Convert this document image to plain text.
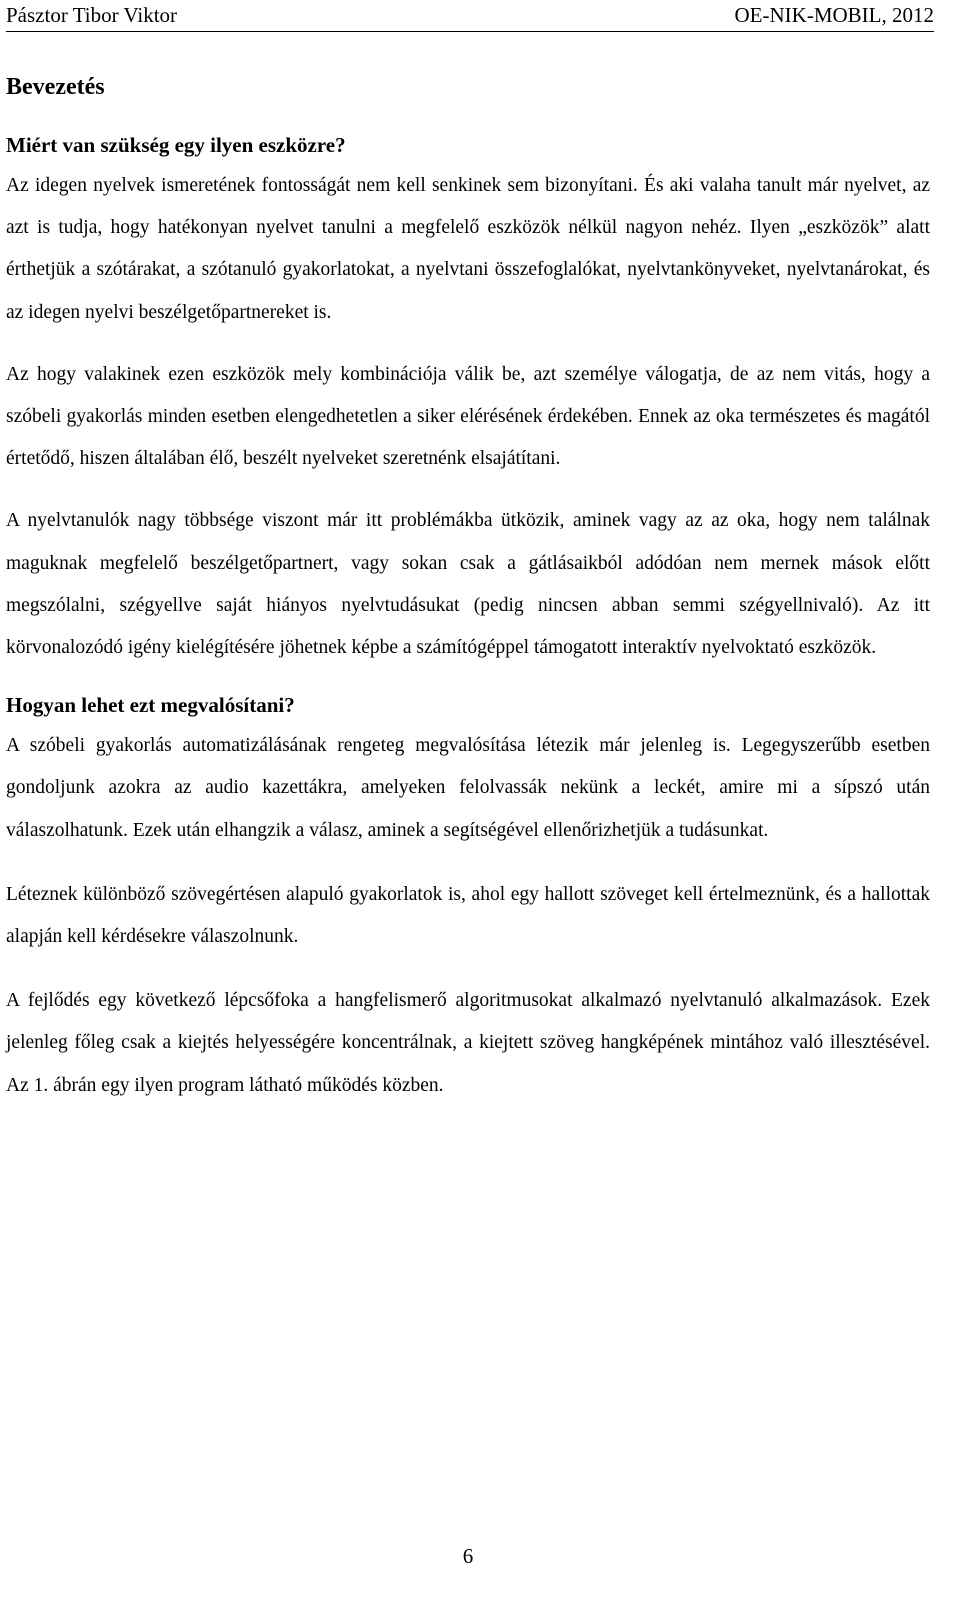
Pásztor Tibor Viktor	OE-NIK-MOBIL, 2012
Bevezetés
Miért van szükség egy ilyen eszközre?

Az idegen nyelvek ismeretének fontosságát nem kell senkinek sem bizonyítani. És aki valaha tanult már nyelvet, az azt is tudja, hogy hatékonyan nyelvet tanulni a megfelelő eszközök nélkül nagyon nehéz. Ilyen „eszközök” alatt érthetjük a szótárakat, a szótanuló gyakorlatokat, a nyelvtani összefoglalókat, nyelvtankönyveket, nyelvtanárokat, és az idegen nyelvi beszélgetőpartnereket is.

Az hogy valakinek ezen eszközök mely kombinációja válik be, azt személye válogatja, de az nem vitás, hogy a szóbeli gyakorlás minden esetben elengedhetetlen a siker elérésének érdekében. Ennek az oka természetes és magától értetődő, hiszen általában élő, beszélt nyelveket szeretnénk elsajátítani.

A nyelvtanulók nagy többsége viszont már itt problémákba ütközik, aminek vagy az az oka, hogy nem találnak maguknak megfelelő beszélgetőpartnert, vagy sokan csak a gátlásaikból adódóan nem mernek mások előtt megszólalni, szégyellve saját hiányos nyelvtudásukat (pedig nincsen abban semmi szégyellnivaló). Az itt körvonalozódó igény kielégítésére jöhetnek képbe a számítógéppel támogatott interaktív nyelvoktató eszközök.

Hogyan lehet ezt megvalósítani?

A szóbeli gyakorlás automatizálásának rengeteg megvalósítása létezik már jelenleg is. Legegyszerűbb esetben gondoljunk azokra az audio kazettákra, amelyeken felolvassák nekünk a leckét, amire mi a sípszó után válaszolhatunk. Ezek után elhangzik a válasz, aminek a segítségével ellenőrizhetjük a tudásunkat.

Léteznek különböző szövegértésen alapuló gyakorlatok is, ahol egy hallott szöveget kell értelmeznünk, és a hallottak alapján kell kérdésekre válaszolnunk.

A fejlődés egy következő lépcsőfoka a hangfelismerő algoritmusokat alkalmazó nyelvtanuló alkalmazások. Ezek jelenleg főleg csak a kiejtés helyességére koncentrálnak, a kiejtett szöveg hangképének mintához való illesztésével. Az 1. ábrán egy ilyen program látható működés közben.

6
